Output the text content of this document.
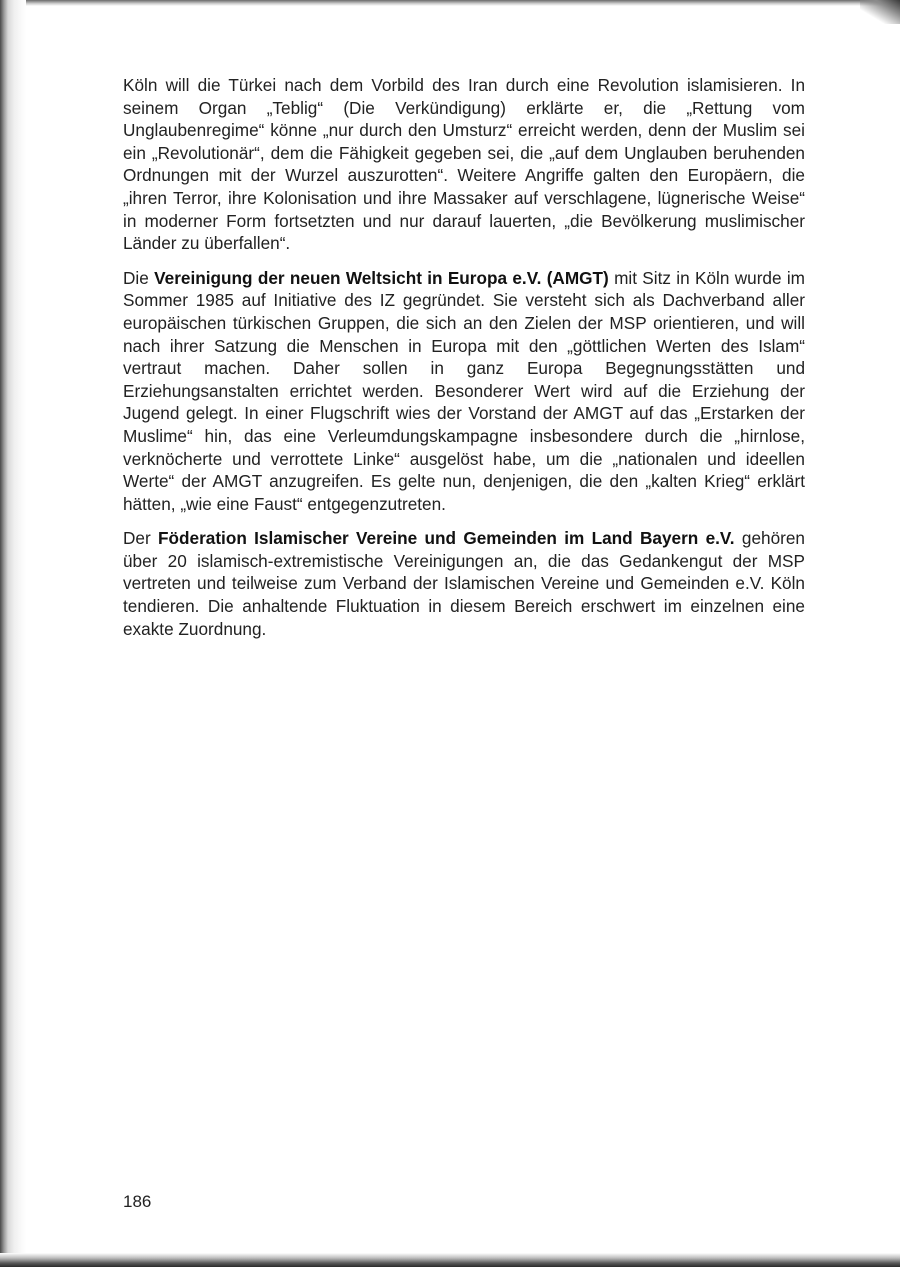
Köln will die Türkei nach dem Vorbild des Iran durch eine Revolution islamisieren. In seinem Organ „Teblig“ (Die Verkündigung) erklärte er, die „Rettung vom Unglaubenregime“ könne „nur durch den Umsturz“ erreicht werden, denn der Muslim sei ein „Revolutionär“, dem die Fähigkeit gegeben sei, die „auf dem Unglauben beruhenden Ordnungen mit der Wurzel auszurotten“. Weitere Angriffe galten den Europäern, die „ihren Terror, ihre Kolonisation und ihre Massaker auf verschlagene, lügnerische Weise“ in moderner Form fortsetzten und nur darauf lauerten, „die Bevölkerung muslimischer Länder zu überfallen“.

Die Vereinigung der neuen Weltsicht in Europa e.V. (AMGT) mit Sitz in Köln wurde im Sommer 1985 auf Initiative des IZ gegründet. Sie versteht sich als Dachverband aller europäischen türkischen Gruppen, die sich an den Zielen der MSP orientieren, und will nach ihrer Satzung die Menschen in Europa mit den „göttlichen Werten des Islam“ vertraut machen. Daher sollen in ganz Europa Begegnungsstätten und Erziehungsanstalten errichtet werden. Besonderer Wert wird auf die Erziehung der Jugend gelegt. In einer Flugschrift wies der Vorstand der AMGT auf das „Erstarken der Muslime“ hin, das eine Verleumdungskampagne insbesondere durch die „hirnlose, verknöcherte und verrottete Linke“ ausgelöst habe, um die „nationalen und ideellen Werte“ der AMGT anzugreifen. Es gelte nun, denjenigen, die den „kalten Krieg“ erklärt hätten, „wie eine Faust“ entgegenzutreten.

Der Föderation Islamischer Vereine und Gemeinden im Land Bayern e.V. gehören über 20 islamisch-extremistische Vereinigungen an, die das Gedankengut der MSP vertreten und teilweise zum Verband der Islamischen Vereine und Gemeinden e.V. Köln tendieren. Die anhaltende Fluktuation in diesem Bereich erschwert im einzelnen eine exakte Zuordnung.

186
